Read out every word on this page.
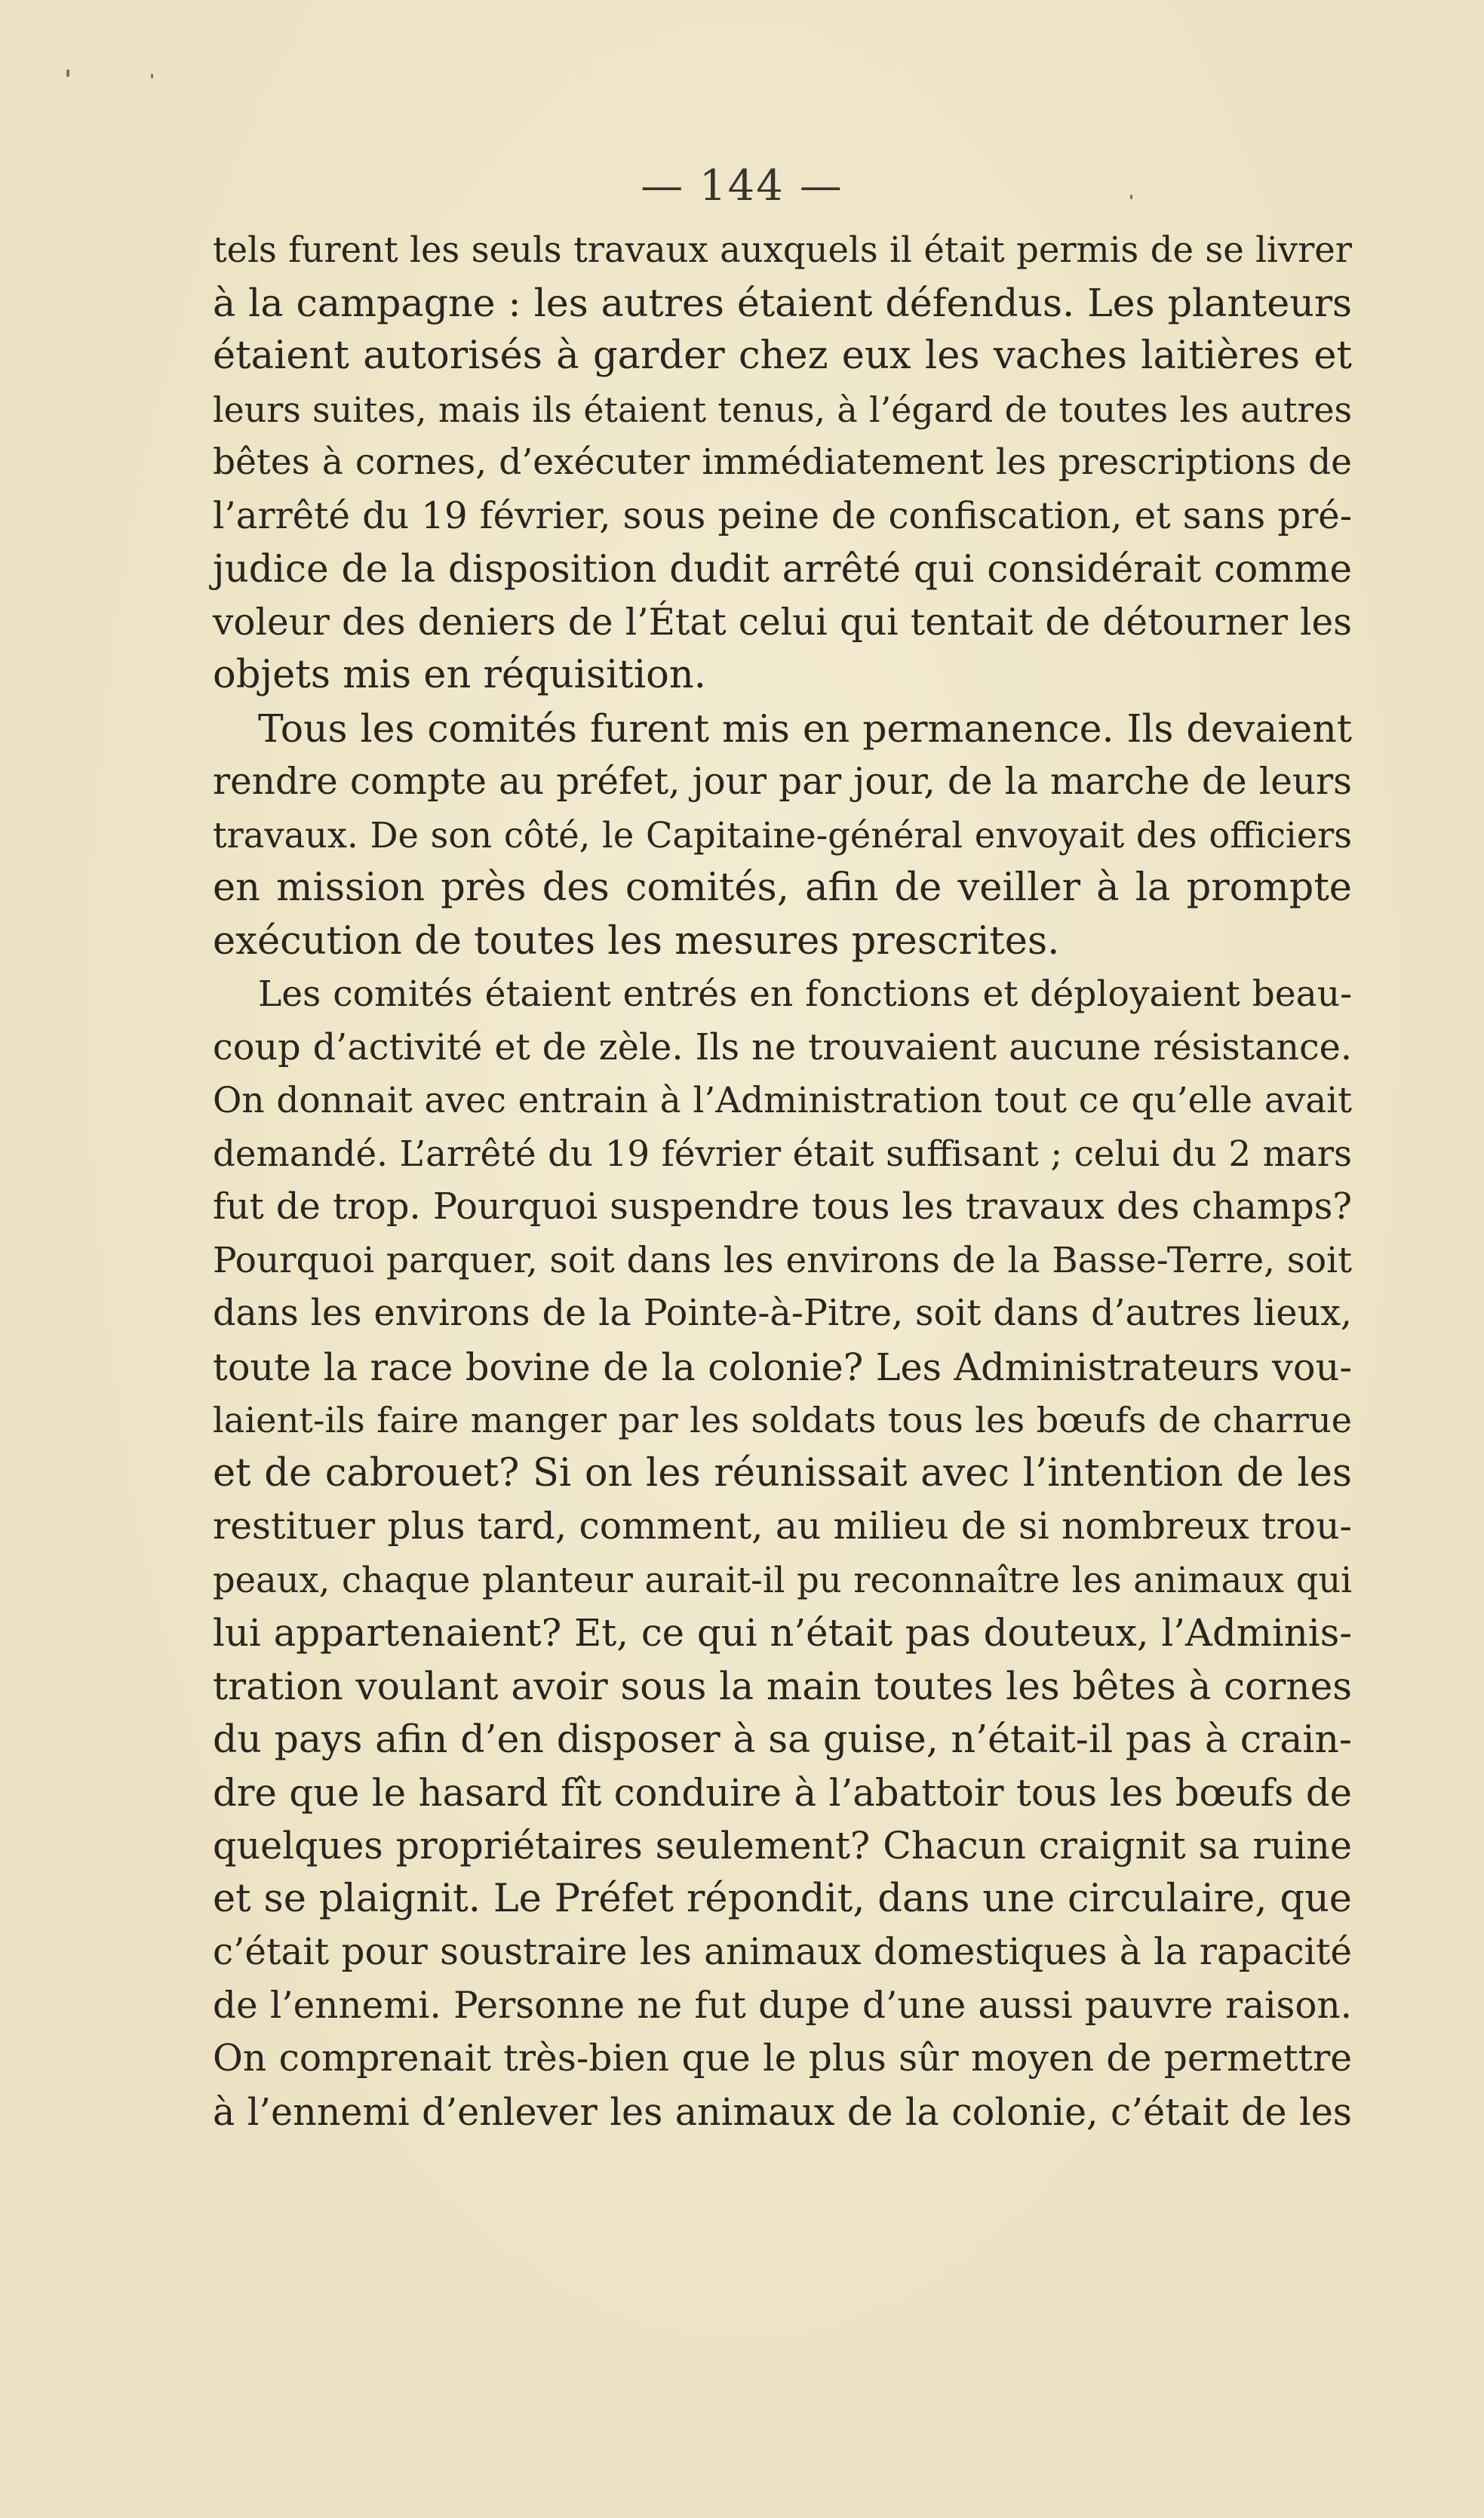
— 144 —
tels furent les seuls travaux auxquels il était permis de se livrer
à la campagne : les autres étaient défendus. Les planteurs
étaient autorisés à garder chez eux les vaches laitières et
leurs suites, mais ils étaient tenus, à l’égard de toutes les autres
bêtes à cornes, d’exécuter immédiatement les prescriptions de
l’arrêté du 19 février, sous peine de confiscation, et sans pré-
judice de la disposition dudit arrêté qui considérait comme
voleur des deniers de l’État celui qui tentait de détourner les
objets mis en réquisition.
Tous les comités furent mis en permanence. Ils devaient
rendre compte au préfet, jour par jour, de la marche de leurs
travaux. De son côté, le Capitaine-général envoyait des officiers
en mission près des comités, afin de veiller à la prompte
exécution de toutes les mesures prescrites.
Les comités étaient entrés en fonctions et déployaient beau-
coup d’activité et de zèle. Ils ne trouvaient aucune résistance.
On donnait avec entrain à l’Administration tout ce qu’elle avait
demandé. L’arrêté du 19 février était suffisant ; celui du 2 mars
fut de trop. Pourquoi suspendre tous les travaux des champs?
Pourquoi parquer, soit dans les environs de la Basse-Terre, soit
dans les environs de la Pointe-à-Pitre, soit dans d’autres lieux,
toute la race bovine de la colonie? Les Administrateurs vou-
laient-ils faire manger par les soldats tous les bœufs de charrue
et de cabrouet? Si on les réunissait avec l’intention de les
restituer plus tard, comment, au milieu de si nombreux trou-
peaux, chaque planteur aurait-il pu reconnaître les animaux qui
lui appartenaient? Et, ce qui n’était pas douteux, l’Adminis-
tration voulant avoir sous la main toutes les bêtes à cornes
du pays afin d’en disposer à sa guise, n’était-il pas à crain-
dre que le hasard fît conduire à l’abattoir tous les bœufs de
quelques propriétaires seulement? Chacun craignit sa ruine
et se plaignit. Le Préfet répondit, dans une circulaire, que
c’était pour soustraire les animaux domestiques à la rapacité
de l’ennemi. Personne ne fut dupe d’une aussi pauvre raison.
On comprenait très-bien que le plus sûr moyen de permettre
à l’ennemi d’enlever les animaux de la colonie, c’était de les
